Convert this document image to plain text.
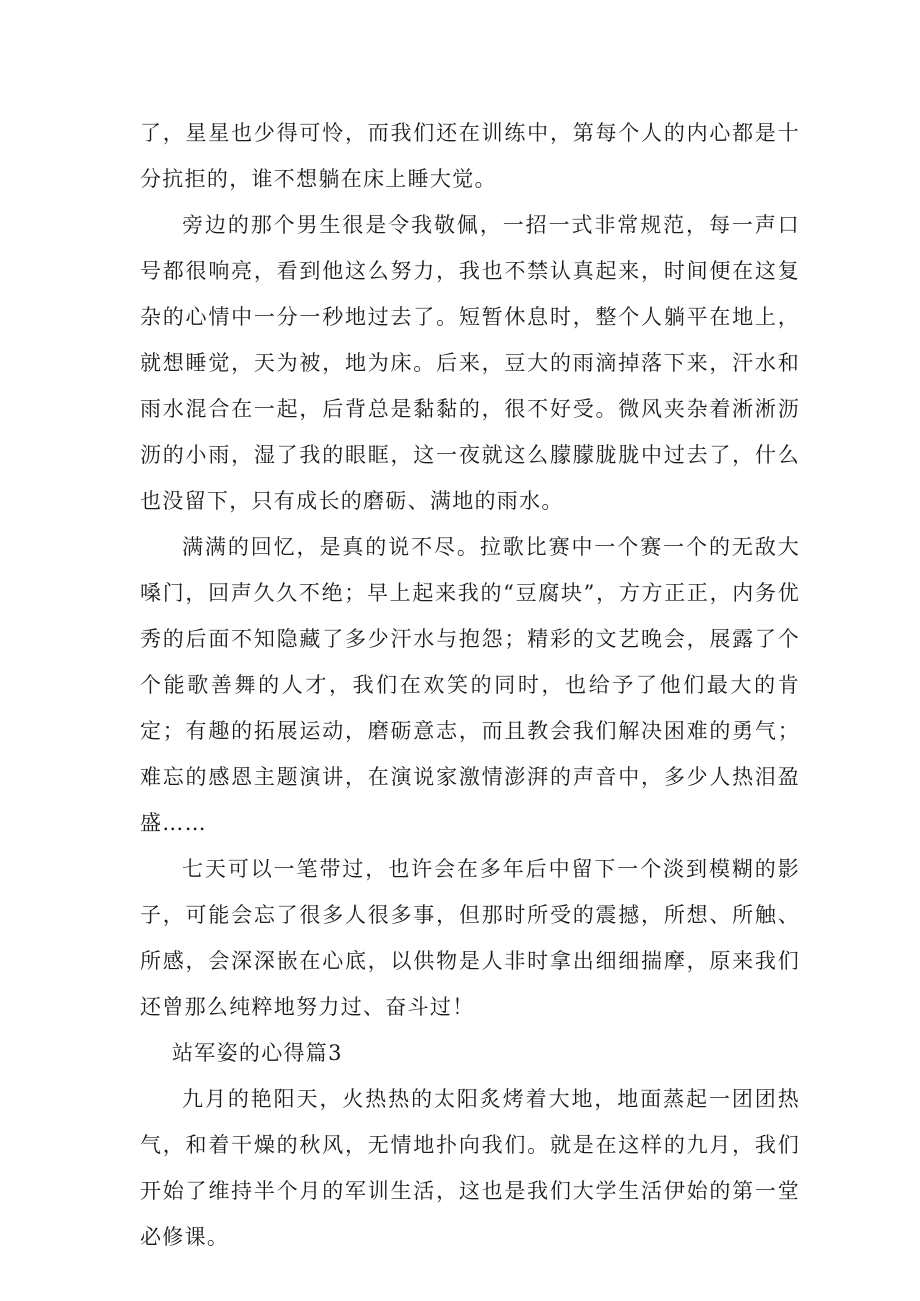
了，星星也少得可怜，而我们还在训练中，第每个人的内心都是十分抗拒的，谁不想躺在床上睡大觉。

旁边的那个男生很是令我敬佩，一招一式非常规范，每一声口号都很响亮，看到他这么努力，我也不禁认真起来，时间便在这复杂的心情中一分一秒地过去了。短暂休息时，整个人躺平在地上，就想睡觉，天为被，地为床。后来，豆大的雨滴掉落下来，汗水和雨水混合在一起，后背总是黏黏的，很不好受。微风夹杂着淅淅沥沥的小雨，湿了我的眼眶，这一夜就这么朦朦胧胧中过去了，什么也没留下，只有成长的磨砺、满地的雨水。

满满的回忆，是真的说不尽。拉歌比赛中一个赛一个的无敌大嗓门，回声久久不绝；早上起来我的“豆腐块”，方方正正，内务优秀的后面不知隐藏了多少汗水与抱怨；精彩的文艺晚会，展露了个个能歌善舞的人才，我们在欢笑的同时，也给予了他们最大的肯定；有趣的拓展运动，磨砺意志，而且教会我们解决困难的勇气；难忘的感恩主题演讲，在演说家激情澎湃的声音中，多少人热泪盈盛……

七天可以一笔带过，也许会在多年后中留下一个淡到模糊的影子，可能会忘了很多人很多事，但那时所受的震撼，所想、所触、所感，会深深嵌在心底，以供物是人非时拿出细细揣摩，原来我们还曾那么纯粹地努力过、奋斗过！

站军姿的心得篇3

九月的艳阳天，火热热的太阳炙烤着大地，地面蒸起一团团热气，和着干燥的秋风，无情地扑向我们。就是在这样的九月，我们开始了维持半个月的军训生活，这也是我们大学生活伊始的第一堂必修课。
